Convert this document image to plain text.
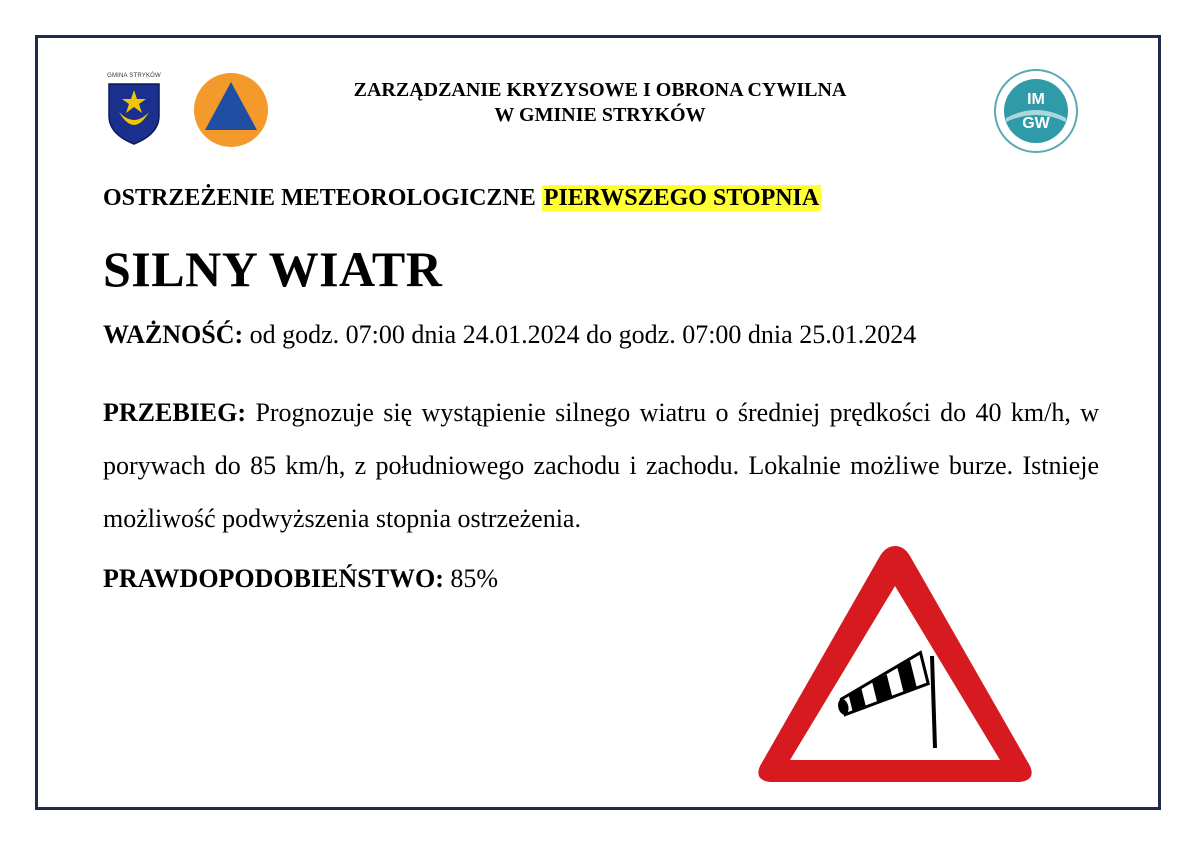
GMINA STRYKÓW
ZARZĄDZANIE KRYZYSOWE I OBRONA CYWILNA
W GMINIE STRYKÓW
IM
GW
OSTRZEŻENIE METEOROLOGICZNE PIERWSZEGO STOPNIA
SILNY WIATR
WAŻNOŚĆ: od godz. 07:00 dnia 24.01.2024 do godz. 07:00 dnia 25.01.2024
PRZEBIEG: Prognozuje się wystąpienie silnego wiatru o średniej prędkości do 40 km/h, w porywach do 85 km/h, z południowego zachodu i zachodu. Lokalnie możliwe burze. Istnieje możliwość podwyższenia stopnia ostrzeżenia.
PRAWDOPODOBIEŃSTWO: 85%
